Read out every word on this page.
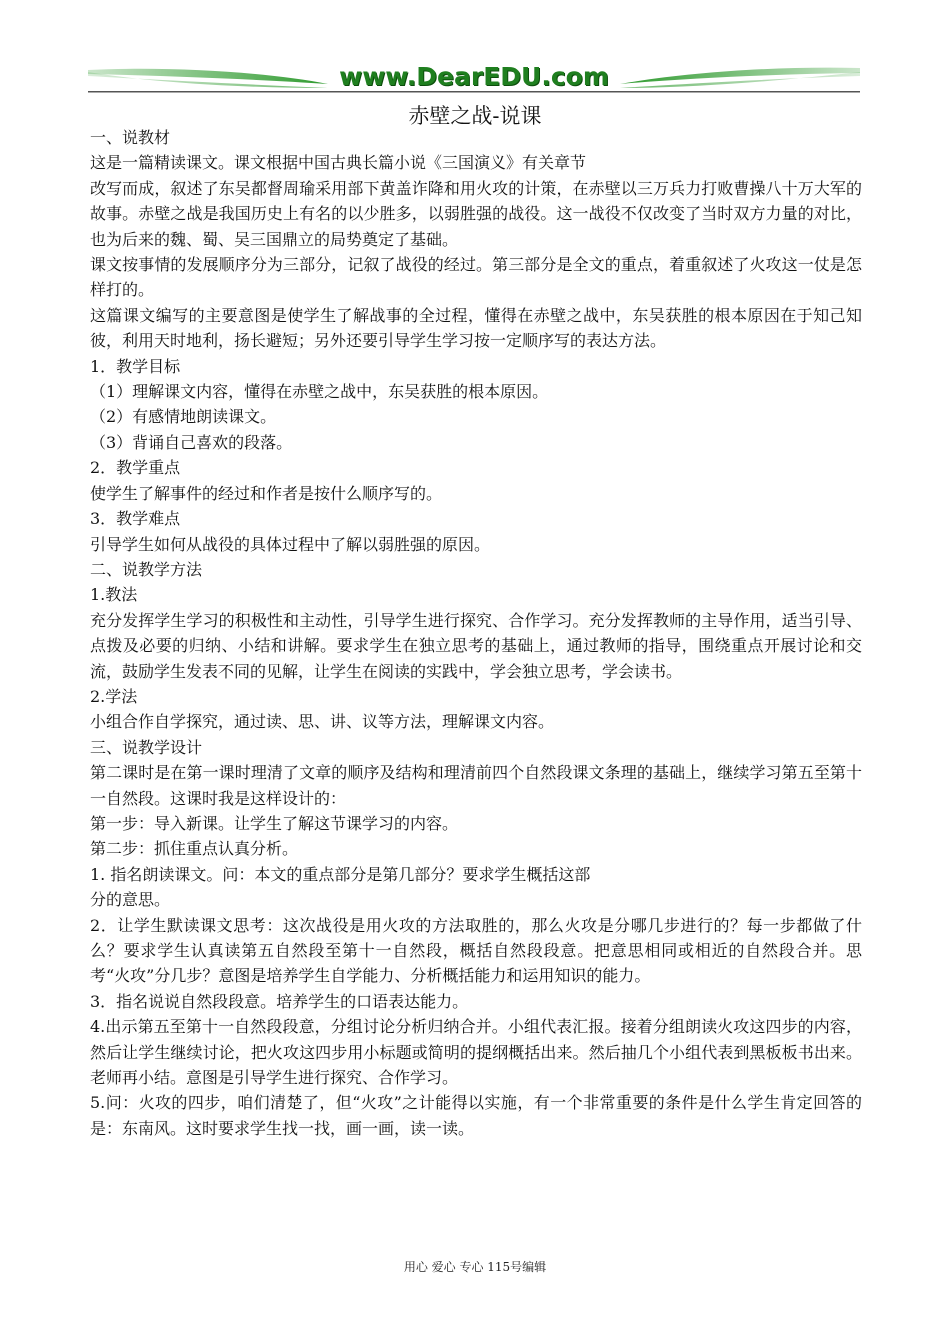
www.DearEDU.com
赤壁之战-说课

一、说教材

这是一篇精读课文。课文根据中国古典长篇小说《三国演义》有关章节

改写而成，叙述了东吴都督周瑜采用部下黄盖诈降和用火攻的计策，在赤壁以三万兵力打败曹操八十万大军的故事。赤壁之战是我国历史上有名的以少胜多，以弱胜强的战役。这一战役不仅改变了当时双方力量的对比，也为后来的魏、蜀、吴三国鼎立的局势奠定了基础。

课文按事情的发展顺序分为三部分，记叙了战役的经过。第三部分是全文的重点，着重叙述了火攻这一仗是怎样打的。

这篇课文编写的主要意图是使学生了解战事的全过程，懂得在赤壁之战中，东吴获胜的根本原因在于知己知彼，利用天时地利，扬长避短；另外还要引导学生学习按一定顺序写的表达方法。

1．教学目标

（1）理解课文内容，懂得在赤壁之战中，东吴获胜的根本原因。

（2）有感情地朗读课文。

（3）背诵自己喜欢的段落。

2．教学重点

使学生了解事件的经过和作者是按什么顺序写的。

3．教学难点

引导学生如何从战役的具体过程中了解以弱胜强的原因。

二、说教学方法

1.教法

充分发挥学生学习的积极性和主动性，引导学生进行探究、合作学习。充分发挥教师的主导作用，适当引导、点拨及必要的归纳、小结和讲解。要求学生在独立思考的基础上，通过教师的指导，围绕重点开展讨论和交流，鼓励学生发表不同的见解，让学生在阅读的实践中，学会独立思考，学会读书。

2.学法

小组合作自学探究，通过读、思、讲、议等方法，理解课文内容。

三、说教学设计

第二课时是在第一课时理清了文章的顺序及结构和理清前四个自然段课文条理的基础上，继续学习第五至第十一自然段。这课时我是这样设计的：

第一步：导入新课。让学生了解这节课学习的内容。

第二步：抓住重点认真分析。

1. 指名朗读课文。问：本文的重点部分是第几部分？要求学生概括这部

分的意思。

2．让学生默读课文思考：这次战役是用火攻的方法取胜的，那么火攻是分哪几步进行的？每一步都做了什么？要求学生认真读第五自然段至第十一自然段，概括自然段段意。把意思相同或相近的自然段合并。思考“火攻”分几步？意图是培养学生自学能力、分析概括能力和运用知识的能力。

3．指名说说自然段段意。培养学生的口语表达能力。

4.出示第五至第十一自然段段意，分组讨论分析归纳合并。小组代表汇报。接着分组朗读火攻这四步的内容，然后让学生继续讨论，把火攻这四步用小标题或简明的提纲概括出来。然后抽几个小组代表到黑板板书出来。老师再小结。意图是引导学生进行探究、合作学习。

5.问：火攻的四步，咱们清楚了，但“火攻”之计能得以实施，有一个非常重要的条件是什么学生肯定回答的是：东南风。这时要求学生找一找，画一画，读一读。

用心 爱心 专心 115号编辑
